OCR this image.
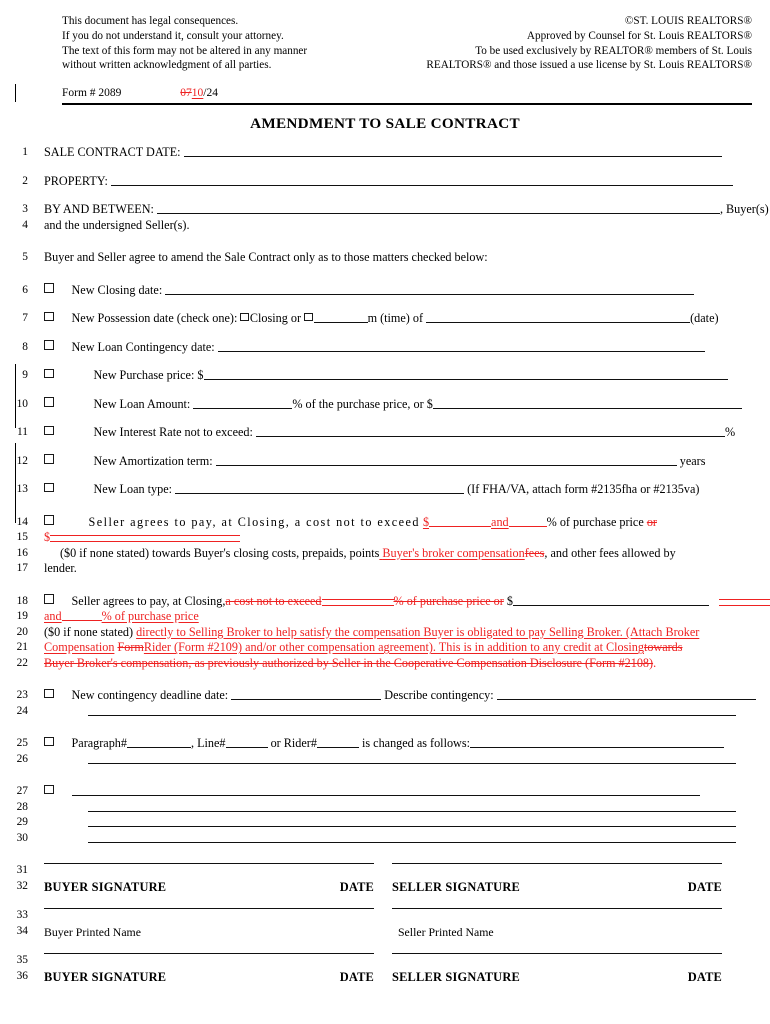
This document has legal consequences.
If you do not understand it, consult your attorney.
The text of this form may not be altered in any manner
without written acknowledgment of all parties.
©ST. LOUIS REALTORS®
Approved by Counsel for St. Louis REALTORS®
To be used exclusively by REALTOR® members of St. Louis
REALTORS® and those issued a use license by St. Louis REALTORS®
Form # 2089	0710/24
AMENDMENT TO SALE CONTRACT
1	SALE CONTRACT DATE:
2	PROPERTY:
3	BY AND BETWEEN:	, Buyer(s)
4	and the undersigned Seller(s).
5	Buyer and Seller agree to amend the Sale Contract only as to those matters checked below:
6	New Closing date:
7	New Possession date (check one): Closing or	m (time) of	(date)
8	New Loan Contingency date:
9	New Purchase price: $
10	New Loan Amount:	% of the purchase price, or $
11	New Interest Rate not to exceed:	%
12	New Amortization term:	years
13	New Loan type:	(If FHA/VA, attach form #2135fha or #2135va)
14	Seller agrees to pay, at Closing, a cost not to exceed $	and	% of purchase price or
15	$
16	($0 if none stated) towards Buyer's closing costs, prepaids, points Buyer's broker compensationfees, and other fees allowed by
17	lender.
18	Seller agrees to pay, at Closing,a cost not to exceed	% of purchase price or $
19	and	% of purchase price
20	($0 if none stated) directly to Selling Broker to help satisfy the compensation Buyer is obligated to pay Selling Broker. (Attach Broker
21	Compensation FormRider (Form #2109) and/or other compensation agreement). This is in addition to any credit at Closingtowards
22	Buyer Broker's compensation, as previously authorized by Seller in the Cooperative Compensation Disclosure (Form #2108).
23	New contingency deadline date:	Describe contingency:
24
25	Paragraph#	, Line#	or Rider#	is changed as follows:
26
27
28
29
30
31
32	BUYER SIGNATURE	DATE SELLER SIGNATURE	DATE
33
34	Buyer Printed Name	Seller Printed Name
35
36	BUYER SIGNATURE	DATE SELLER SIGNATURE	DATE
